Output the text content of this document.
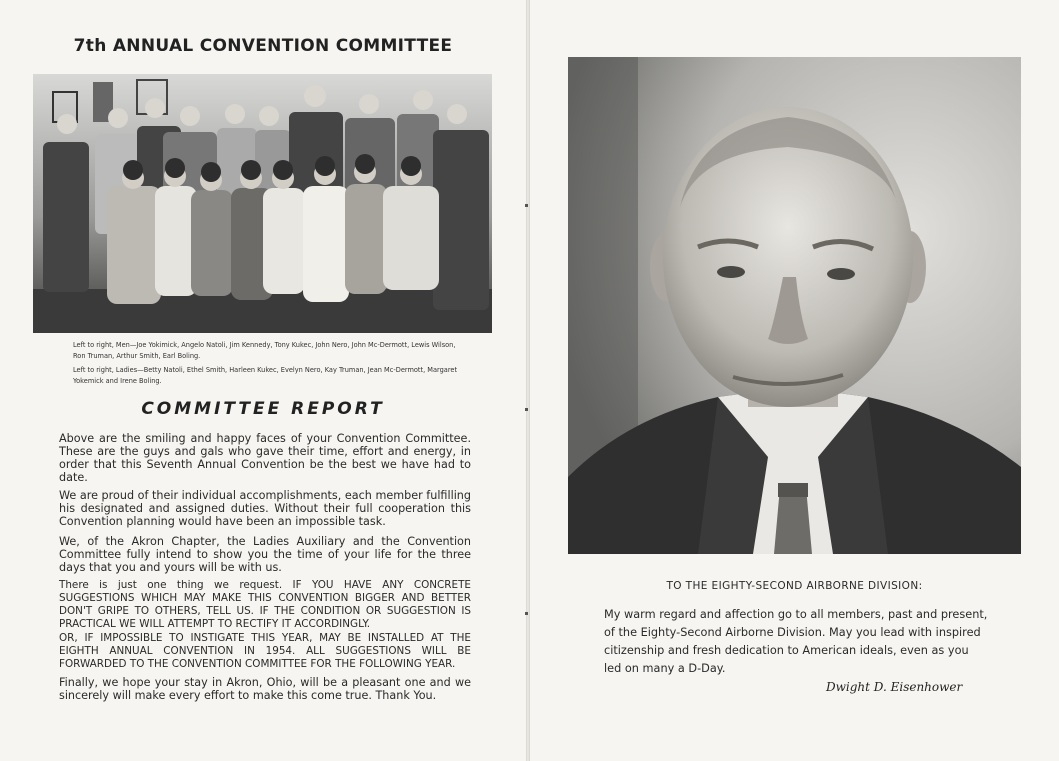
7th ANNUAL CONVENTION COMMITTEE
Left to right, Men—Joe Yokimick, Angelo Natoli, Jim Kennedy, Tony Kukec, John Nero, John Mc-Dermott, Lewis Wilson, Ron Truman, Arthur Smith, Earl Boling.
Left to right, Ladies—Betty Natoli, Ethel Smith, Harleen Kukec, Evelyn Nero, Kay Truman, Jean Mc-Dermott, Margaret Yokemick and Irene Boling.
COMMITTEE REPORT
Above are the smiling and happy faces of your Convention Committee. These are the guys and gals who gave their time, effort and energy, in order that this Seventh Annual Convention be the best we have had to date.
We are proud of their individual accomplishments, each member fulfilling his designated and assigned duties. Without their full cooperation this Convention planning would have been an impossible task.
We, of the Akron Chapter, the Ladies Auxiliary and the Convention Committee fully intend to show you the time of your life for the three days that you and yours will be with us.
There is just one thing we request. IF YOU HAVE ANY CONCRETE SUGGESTIONS WHICH MAY MAKE THIS CONVENTION BIGGER AND BETTER DON'T GRIPE TO OTHERS, TELL US. IF THE CONDITION OR SUGGESTION IS PRACTICAL WE WILL ATTEMPT TO RECTIFY IT ACCORDINGLY.
OR, IF IMPOSSIBLE TO INSTIGATE THIS YEAR, MAY BE INSTALLED AT THE EIGHTH ANNUAL CONVENTION IN 1954. ALL SUGGESTIONS WILL BE FORWARDED TO THE CONVENTION COMMITTEE FOR THE FOLLOWING YEAR.
Finally, we hope your stay in Akron, Ohio, will be a pleasant one and we sincerely will make every effort to make this come true. Thank You.
TO THE EIGHTY-SECOND AIRBORNE DIVISION:
My warm regard and affection go to all members, past and present, of the Eighty-Second Airborne Division. May you lead with inspired citizenship and fresh dedication to American ideals, even as you led on many a D-Day.
Dwight D. Eisenhower
